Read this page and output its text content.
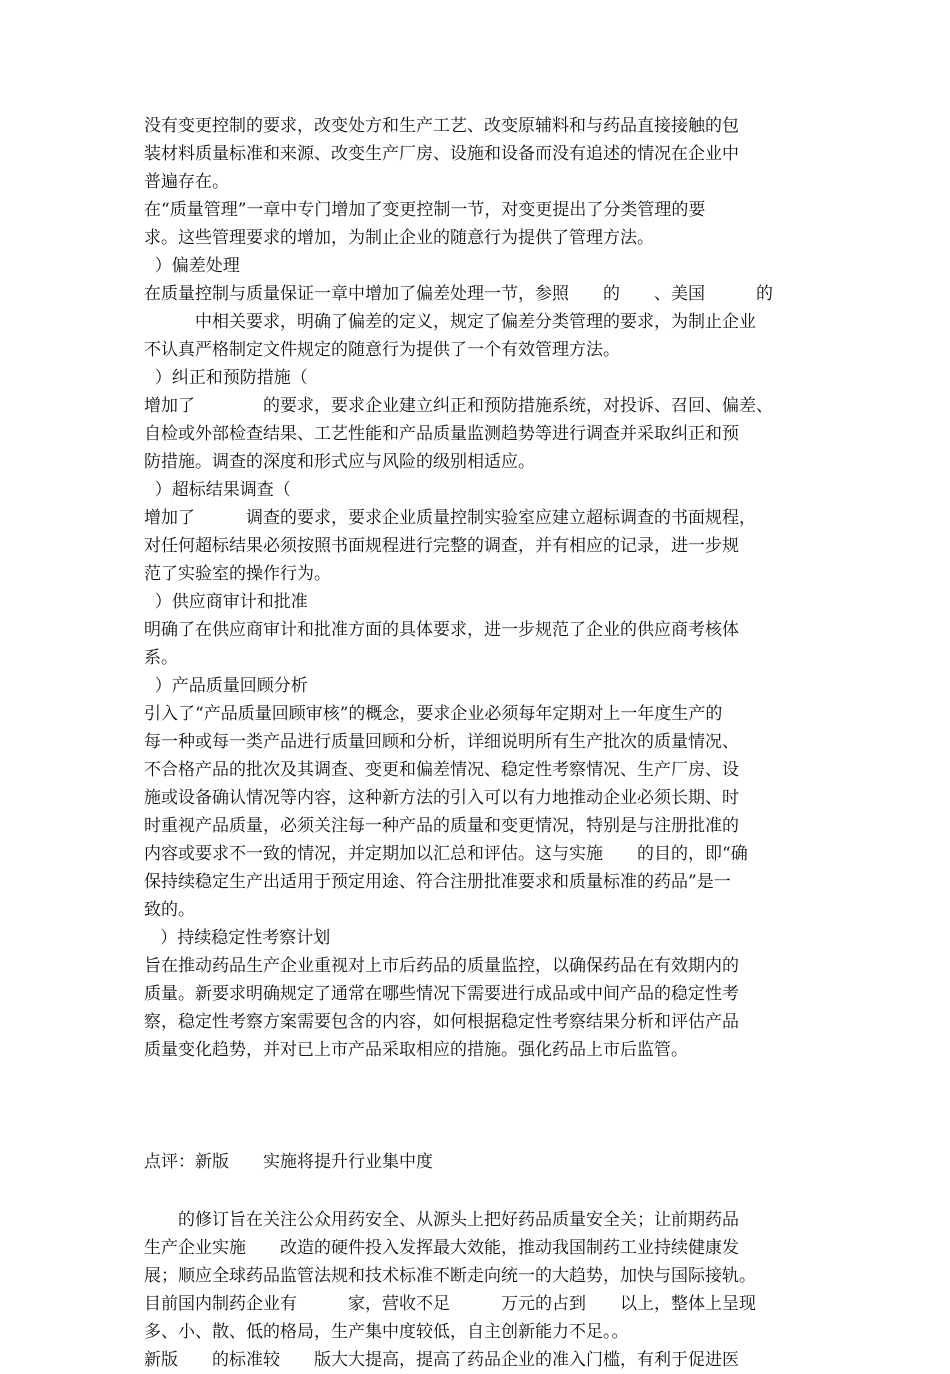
没有变更控制的要求，改变处方和生产工艺、改变原辅料和与药品直接接触的包
装材料质量标准和来源、改变生产厂房、设施和设备而没有追述的情况在企业中
普遍存在。
在“质量管理”一章中专门增加了变更控制一节，对变更提出了分类管理的要
求。这些管理要求的增加，为制止企业的随意行为提供了管理方法。
）偏差处理
在质量控制与质量保证一章中增加了偏差处理一节，参照　　的　　、美国　　　的
　　　中相关要求，明确了偏差的定义，规定了偏差分类管理的要求，为制止企业
不认真严格制定文件规定的随意行为提供了一个有效管理方法。
）纠正和预防措施（
增加了　　　　的要求，要求企业建立纠正和预防措施系统，对投诉、召回、偏差、
自检或外部检查结果、工艺性能和产品质量监测趋势等进行调查并采取纠正和预
防措施。调查的深度和形式应与风险的级别相适应。
）超标结果调查（
增加了　　　调查的要求，要求企业质量控制实验室应建立超标调查的书面规程，
对任何超标结果必须按照书面规程进行完整的调查，并有相应的记录，进一步规
范了实验室的操作行为。
）供应商审计和批准
明确了在供应商审计和批准方面的具体要求，进一步规范了企业的供应商考核体
系。
）产品质量回顾分析
引入了“产品质量回顾审核”的概念，要求企业必须每年定期对上一年度生产的
每一种或每一类产品进行质量回顾和分析，详细说明所有生产批次的质量情况、
不合格产品的批次及其调查、变更和偏差情况、稳定性考察情况、生产厂房、设
施或设备确认情况等内容，这种新方法的引入可以有力地推动企业必须长期、时
时重视产品质量，必须关注每一种产品的质量和变更情况，特别是与注册批准的
内容或要求不一致的情况，并定期加以汇总和评估。这与实施　　的目的，即“确
保持续稳定生产出适用于预定用途、符合注册批准要求和质量标准的药品”是一
致的。
）持续稳定性考察计划
旨在推动药品生产企业重视对上市后药品的质量监控，以确保药品在有效期内的
质量。新要求明确规定了通常在哪些情况下需要进行成品或中间产品的稳定性考
察，稳定性考察方案需要包含的内容，如何根据稳定性考察结果分析和评估产品
质量变化趋势，并对已上市产品采取相应的措施。强化药品上市后监管。
点评：新版　　实施将提升行业集中度
　　的修订旨在关注公众用药安全、从源头上把好药品质量安全关；让前期药品
生产企业实施　　改造的硬件投入发挥最大效能，推动我国制药工业持续健康发
展；顺应全球药品监管法规和技术标准不断走向统一的大趋势，加快与国际接轨。
目前国内制药企业有　　　家，营收不足　　　万元的占到　　以上，整体上呈现
多、小、散、低的格局，生产集中度较低，自主创新能力不足。。
新版　　的标准较　　版大大提高，提高了药品企业的准入门槛，有利于促进医
